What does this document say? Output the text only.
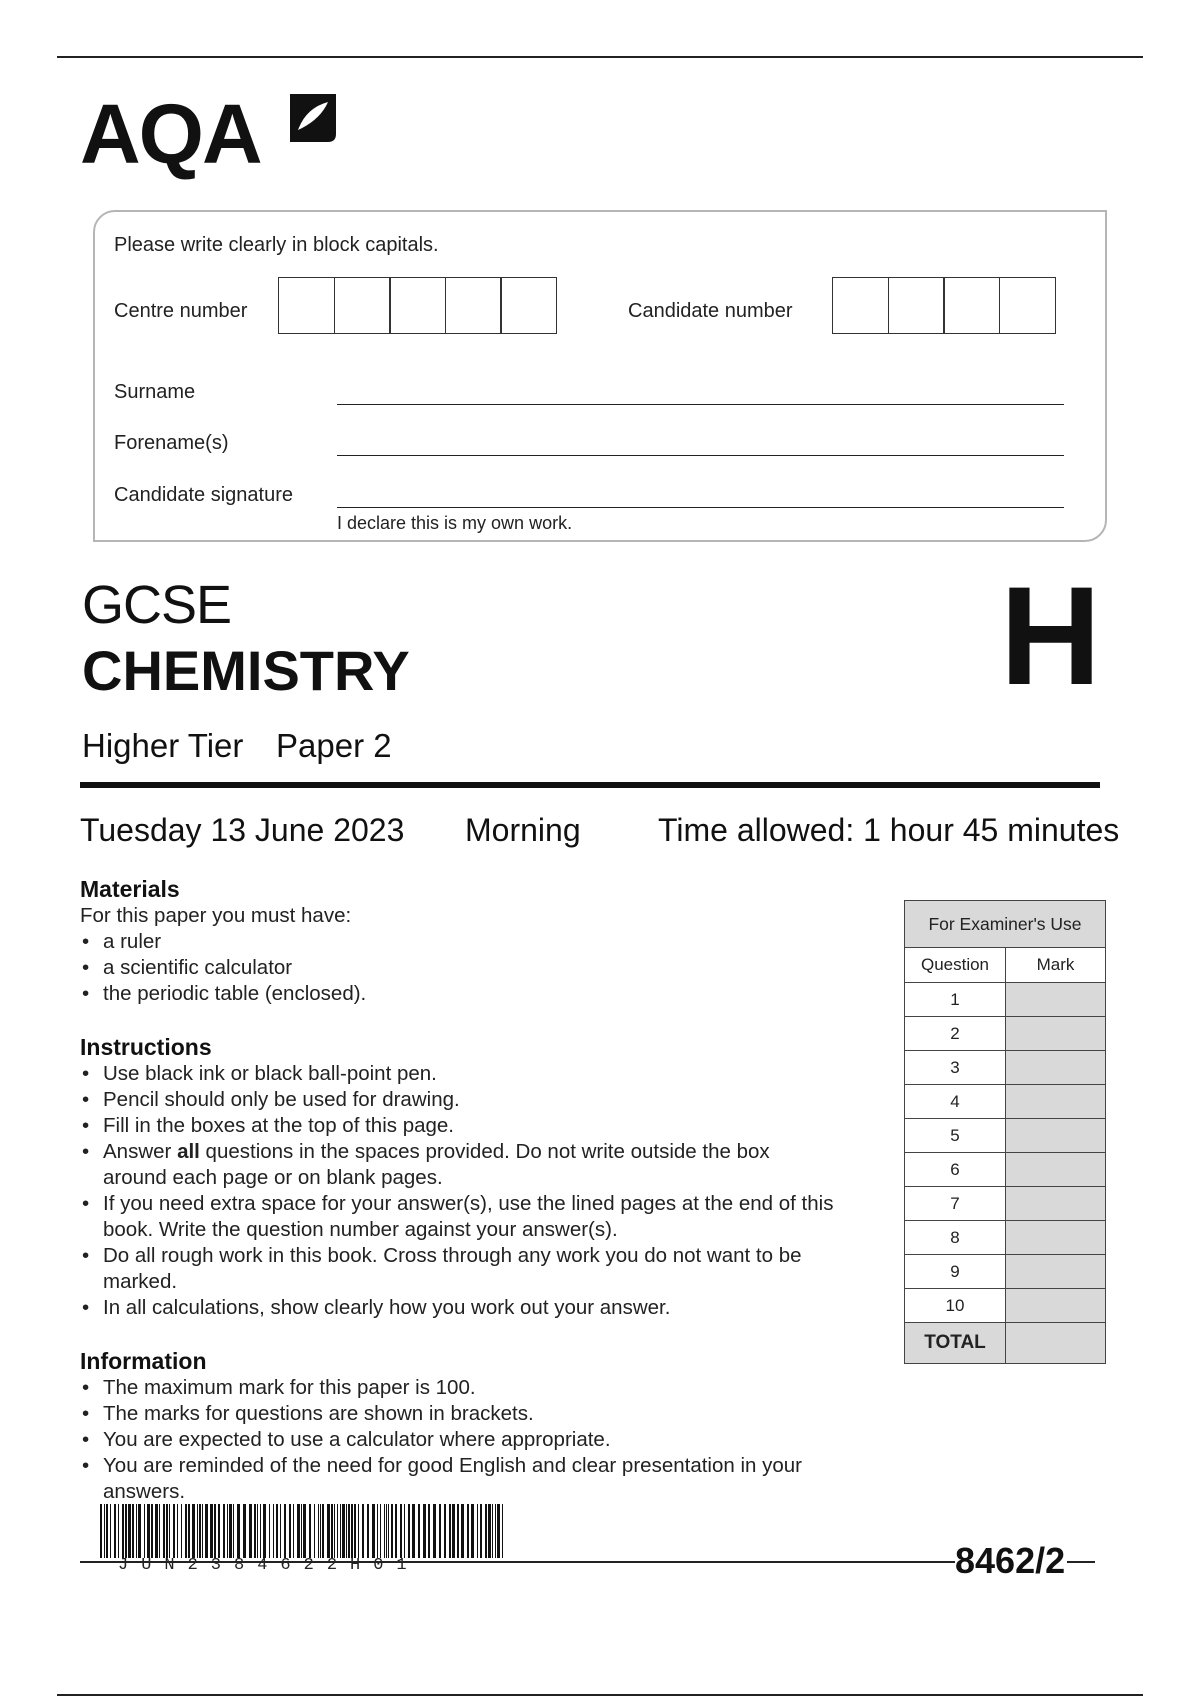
AQA
Please write clearly in block capitals.
Centre number	Candidate number
Surname
Forename(s)
Candidate signature
I declare this is my own work.
GCSE
CHEMISTRY	H
Higher Tier Paper 2
Tuesday 13 June 2023 Morning Time allowed: 1 hour 45 minutes
Materials
For this paper you must have:
• a ruler
• a scientific calculator
• the periodic table (enclosed).
Instructions
• Use black ink or black ball-point pen.
• Pencil should only be used for drawing.
• Fill in the boxes at the top of this page.
• Answer all questions in the spaces provided. Do not write outside the box around each page or on blank pages.
• If you need extra space for your answer(s), use the lined pages at the end of this book. Write the question number against your answer(s).
• Do all rough work in this book. Cross through any work you do not want to be marked.
• In all calculations, show clearly how you work out your answer.
Information
• The maximum mark for this paper is 100.
• The marks for questions are shown in brackets.
• You are expected to use a calculator where appropriate.
• You are reminded of the need for good English and clear presentation in your answers.
For Examiner's Use	
Question	Mark
1	
2	
3	
4	
5	
6	
7	
8	
9	
10	
TOTAL	
JUN2384622H01	8462/2
